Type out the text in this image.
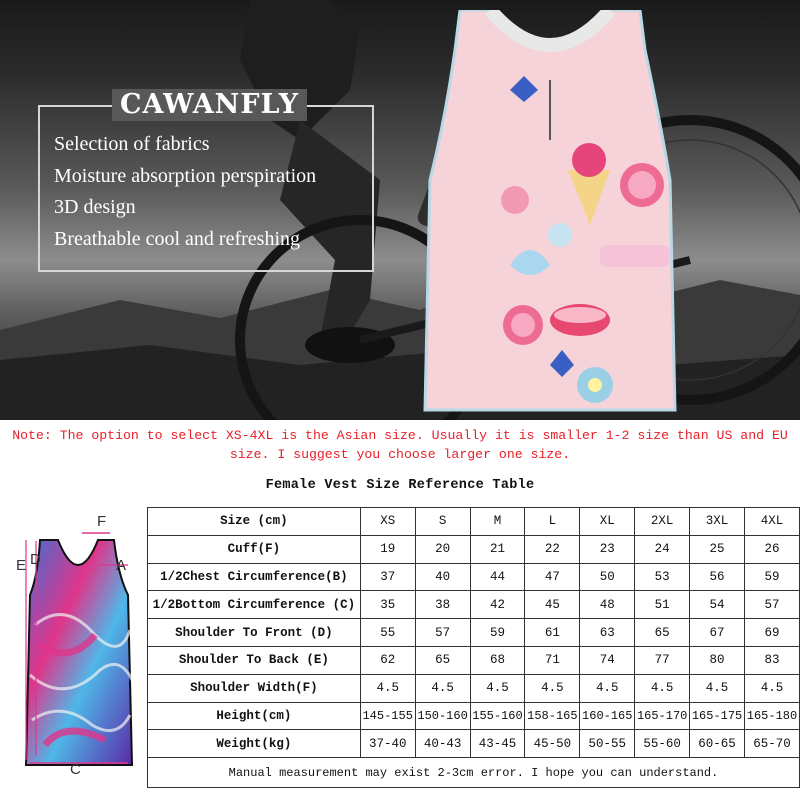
CAWANFLY
Selection of fabrics
Moisture absorption perspiration
3D design
Breathable cool and refreshing
Note: The option to select XS-4XL is the Asian size. Usually it is smaller 1-2 size than US and EU size. I suggest you choose larger one size.
Female Vest Size Reference Table
F
E D	A
C
Size (cm)	XS	S	M	L	XL	2XL	3XL	4XL
Cuff(F)	19	20	21	22	23	24	25	26
1/2Chest Circumference(B)	37	40	44	47	50	53	56	59
1/2Bottom Circumference (C)	35	38	42	45	48	51	54	57
Shoulder To Front (D)	55	57	59	61	63	65	67	69
Shoulder To Back (E)	62	65	68	71	74	77	80	83
Shoulder Width(F)	4.5	4.5	4.5	4.5	4.5	4.5	4.5	4.5
Height(cm)	145-155	150-160	155-160	158-165	160-165	165-170	165-175	165-180
Weight(kg)	37-40	40-43	43-45	45-50	50-55	55-60	60-65	65-70
Manual measurement may exist 2-3cm error. I hope you can understand.								
